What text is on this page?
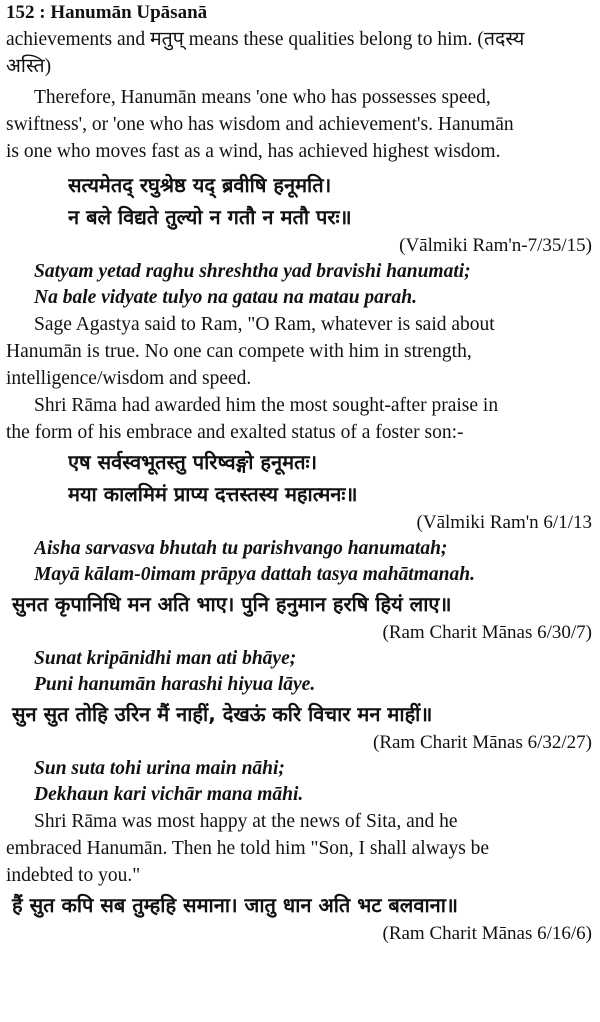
152 : Hanumān Upāsanā
achievements and मतुप् means these qualities belong to him. (तदस्य
अस्ति)
Therefore, Hanumān means 'one who has possesses speed,
swiftness', or 'one who has wisdom and achievement's. Hanumān
is one who moves fast as a wind, has achieved highest wisdom.
सत्यमेतद् रघुश्रेष्ठ यद् ब्रवीषि हनूमति।
न बले विद्यते तुल्यो न गतौ न मतौ परः॥
(Vālmiki Ram'n-7/35/15)
Satyam yetad raghu shreshtha yad bravishi hanumati;
Na bale vidyate tulyo na gatau na matau parah.
Sage Agastya said to Ram, "O Ram, whatever is said about
Hanumān is true. No one can compete with him in strength,
intelligence/wisdom and speed.
Shri Rāma had awarded him the most sought-after praise in
the form of his embrace and exalted status of a foster son:-
एष सर्वस्वभूतस्तु परिष्वङ्गो हनूमतः।
मया कालमिमं प्राप्य दत्तस्तस्य महात्मनः॥
(Vālmiki Ram'n 6/1/13
Aisha sarvasva bhutah tu parishvango hanumatah;
Mayā kālam-0imam prāpya dattah tasya mahātmanah.
सुनत कृपानिधि मन अति भाए। पुनि हनुमान हरषि हियं लाए॥
(Ram Charit Mānas 6/30/7)
Sunat kripānidhi man ati bhāye;
Puni hanumān harashi hiyua lāye.
सुन सुत तोहि उरिन मैं नाहीं, देखऊं करि विचार मन माहीं॥
(Ram Charit Mānas 6/32/27)
Sun suta tohi urina main nāhi;
Dekhaun kari vichār mana māhi.
Shri Rāma was most happy at the news of Sita, and he
embraced Hanumān. Then he told him "Son, I shall always be
indebted to you."
हैं सुत कपि सब तुम्हहि समाना। जातु धान अति भट बलवाना॥
(Ram Charit Mānas 6/16/6)
